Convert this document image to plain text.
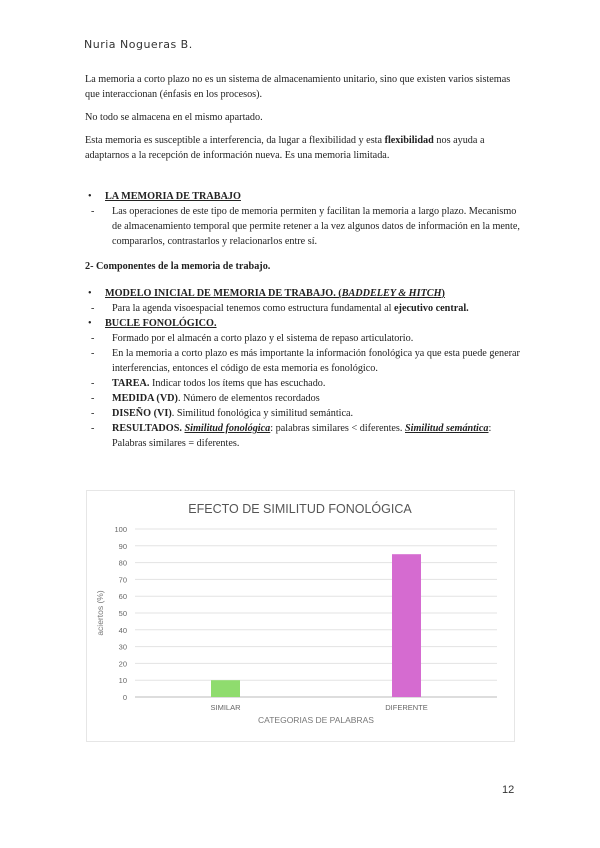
Nuria Nogueras B.

La memoria a corto plazo no es un sistema de almacenamiento unitario, sino que existen varios sistemas que interaccionan (énfasis en los procesos).

No todo se almacena en el mismo apartado.

Esta memoria es susceptible a interferencia, da lugar a flexibilidad y esta flexibilidad nos ayuda a adaptarnos a la recepción de información nueva. Es una memoria limitada.

• LA MEMORIA DE TRABAJO
- Las operaciones de este tipo de memoria permiten y facilitan la memoria a largo plazo. Mecanismo de almacenamiento temporal que permite retener a la vez algunos datos de información en la mente, compararlos, contrastarlos y relacionarlos entre sí.
2- Componentes de la memoria de trabajo.
• MODELO INICIAL DE MEMORIA DE TRABAJO. (BADDELEY & HITCH)
- Para la agenda visoespacial tenemos como estructura fundamental al ejecutivo central.
• BUCLE FONOLÓGICO.
- Formado por el almacén a corto plazo y el sistema de repaso articulatorio.
- En la memoria a corto plazo es más importante la información fonológica ya que esta puede generar interferencias, entonces el código de esta memoria es fonológico.
- TAREA. Indicar todos los ítems que has escuchado.
- MEDIDA (VD). Número de elementos recordados
- DISEÑO (VI). Similitud fonológica y similitud semántica.
- RESULTADOS. Similitud fonológica: palabras similares < diferentes. Similitud semántica: Palabras similares = diferentes.
EFECTO DE SIMILITUD FONOLÓGICA
0
10
20
30
40
50
60
70
80
90
100
SIMILAR	DIFERENTE
CATEGORIAS DE PALABRAS
aciertos (%)
12
